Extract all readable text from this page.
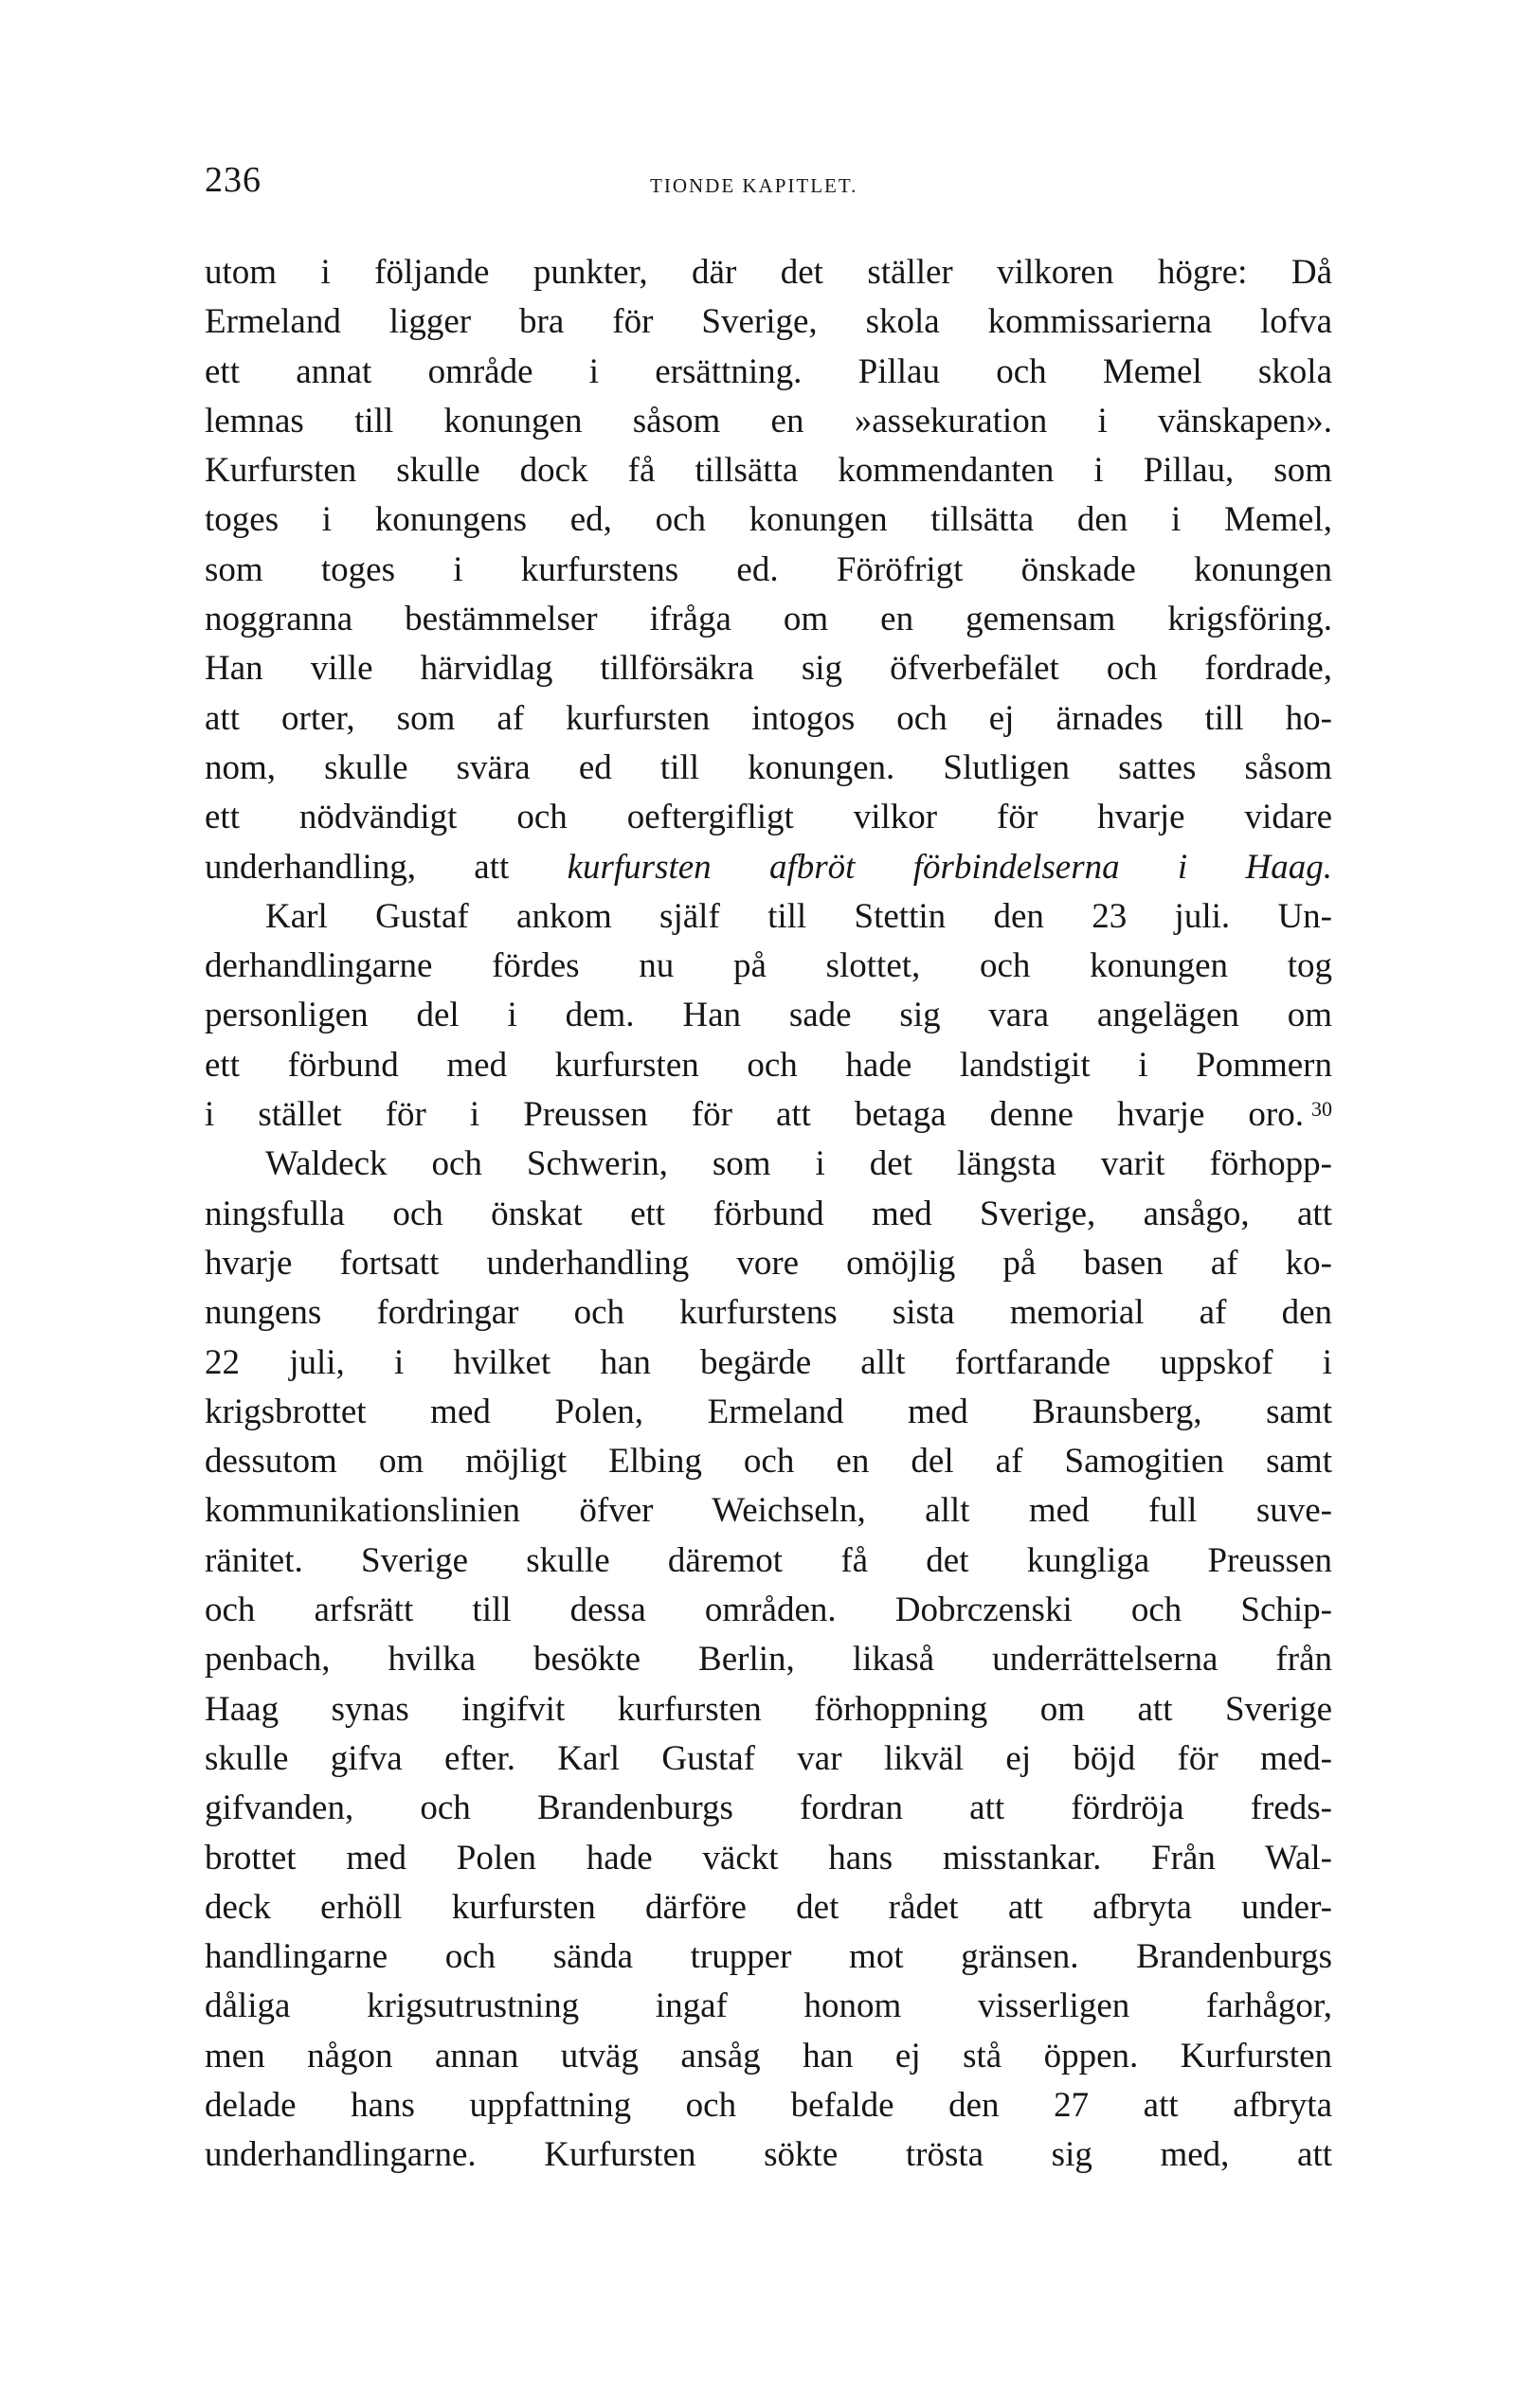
236	TIONDE KAPITLET.
utom i följande punkter, där det ställer vilkoren högre: Då
Ermeland ligger bra för Sverige, skola kommissarierna lofva
ett annat område i ersättning. Pillau och Memel skola
lemnas till konungen såsom en »assekuration i vänskapen».
Kurfursten skulle dock få tillsätta kommendanten i Pillau, som
toges i konungens ed, och konungen tillsätta den i Memel,
som toges i kurfurstens ed. Föröfrigt önskade konungen
noggranna bestämmelser ifråga om en gemensam krigsföring.
Han ville härvidlag tillförsäkra sig öfverbefälet och fordrade,
att orter, som af kurfursten intogos och ej ärnades till ho-
nom, skulle svära ed till konungen. Slutligen sattes såsom
ett nödvändigt och oeftergifligt vilkor för hvarje vidare
underhandling, att kurfursten afbröt förbindelserna i Haag.
Karl Gustaf ankom själf till Stettin den 23 juli. Un-
derhandlingarne fördes nu på slottet, och konungen tog
personligen del i dem. Han sade sig vara angelägen om
ett förbund med kurfursten och hade landstigit i Pommern
i stället för i Preussen för att betaga denne hvarje oro. $^{30}$
Waldeck och Schwerin, som i det längsta varit förhopp-
ningsfulla och önskat ett förbund med Sverige, ansågo, att
hvarje fortsatt underhandling vore omöjlig på basen af ko-
nungens fordringar och kurfurstens sista memorial af den
22 juli, i hvilket han begärde allt fortfarande uppskof i
krigsbrottet med Polen, Ermeland med Braunsberg, samt
dessutom om möjligt Elbing och en del af Samogitien samt
kommunikationslinien öfver Weichseln, allt med full suve-
ränitet. Sverige skulle däremot få det kungliga Preussen
och arfsrätt till dessa områden. Dobrczenski och Schip-
penbach, hvilka besökte Berlin, likaså underrättelserna från
Haag synas ingifvit kurfursten förhoppning om att Sverige
skulle gifva efter. Karl Gustaf var likväl ej böjd för med-
gifvanden, och Brandenburgs fordran att fördröja freds-
brottet med Polen hade väckt hans misstankar. Från Wal-
deck erhöll kurfursten därföre det rådet att afbryta under-
handlingarne och sända trupper mot gränsen. Brandenburgs
dåliga krigsutrustning ingaf honom visserligen farhågor,
men någon annan utväg ansåg han ej stå öppen. Kurfursten
delade hans uppfattning och befalde den 27 att afbryta
underhandlingarne. Kurfursten sökte trösta sig med, att
